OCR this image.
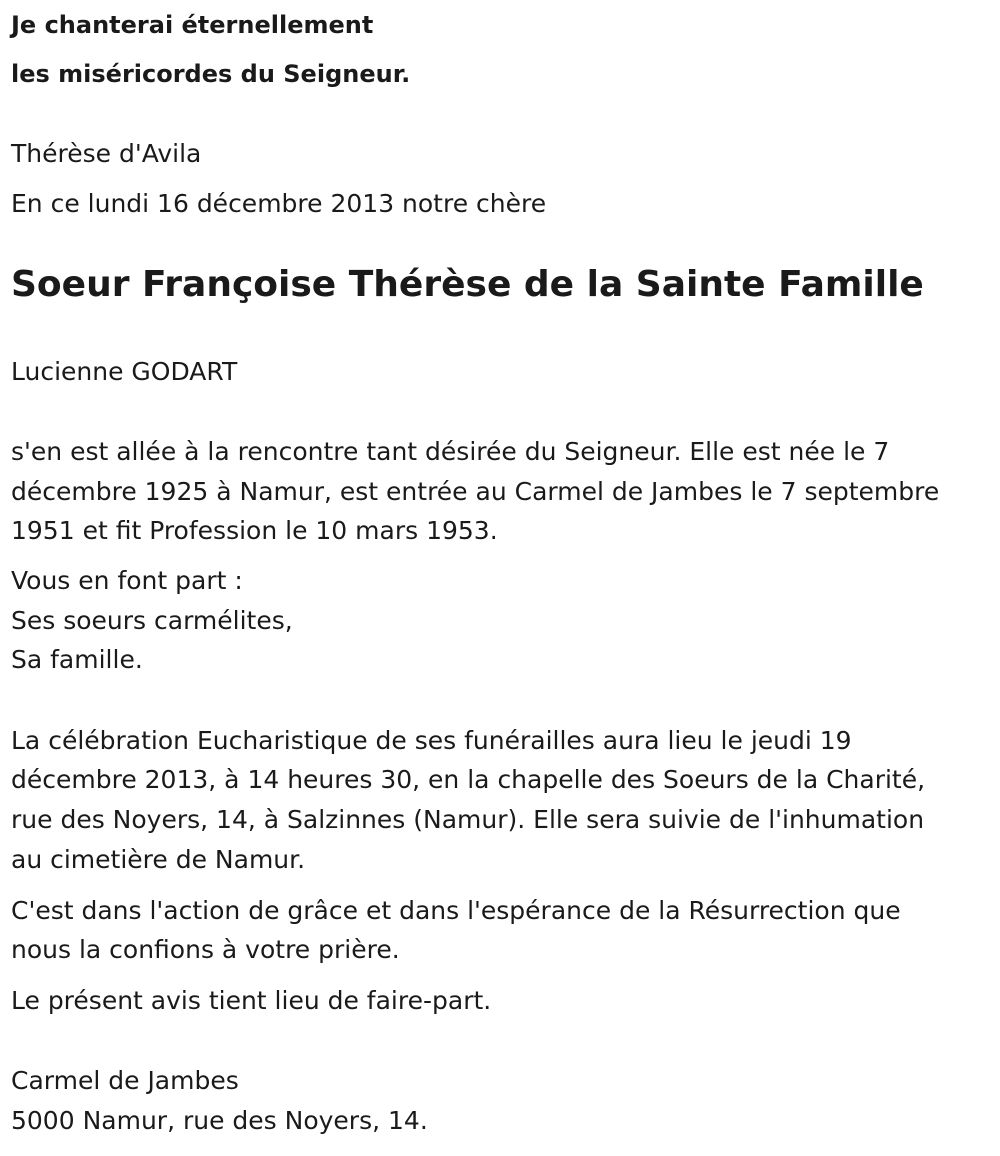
Je chanterai éternellement
les miséricordes du Seigneur.
Thérèse d'Avila
En ce lundi 16 décembre 2013 notre chère
Soeur Françoise Thérèse de la Sainte Famille
Lucienne GODART
s'en est allée à la rencontre tant désirée du Seigneur. Elle est née le 7
décembre 1925 à Namur, est entrée au Carmel de Jambes le 7 septembre
1951 et fit Profession le 10 mars 1953.
Vous en font part :
Ses soeurs carmélites,
Sa famille.
La célébration Eucharistique de ses funérailles aura lieu le jeudi 19
décembre 2013, à 14 heures 30, en la chapelle des Soeurs de la Charité,
rue des Noyers, 14, à Salzinnes (Namur). Elle sera suivie de l'inhumation
au cimetière de Namur.
C'est dans l'action de grâce et dans l'espérance de la Résurrection que
nous la confions à votre prière.
Le présent avis tient lieu de faire-part.
Carmel de Jambes
5000 Namur, rue des Noyers, 14.
